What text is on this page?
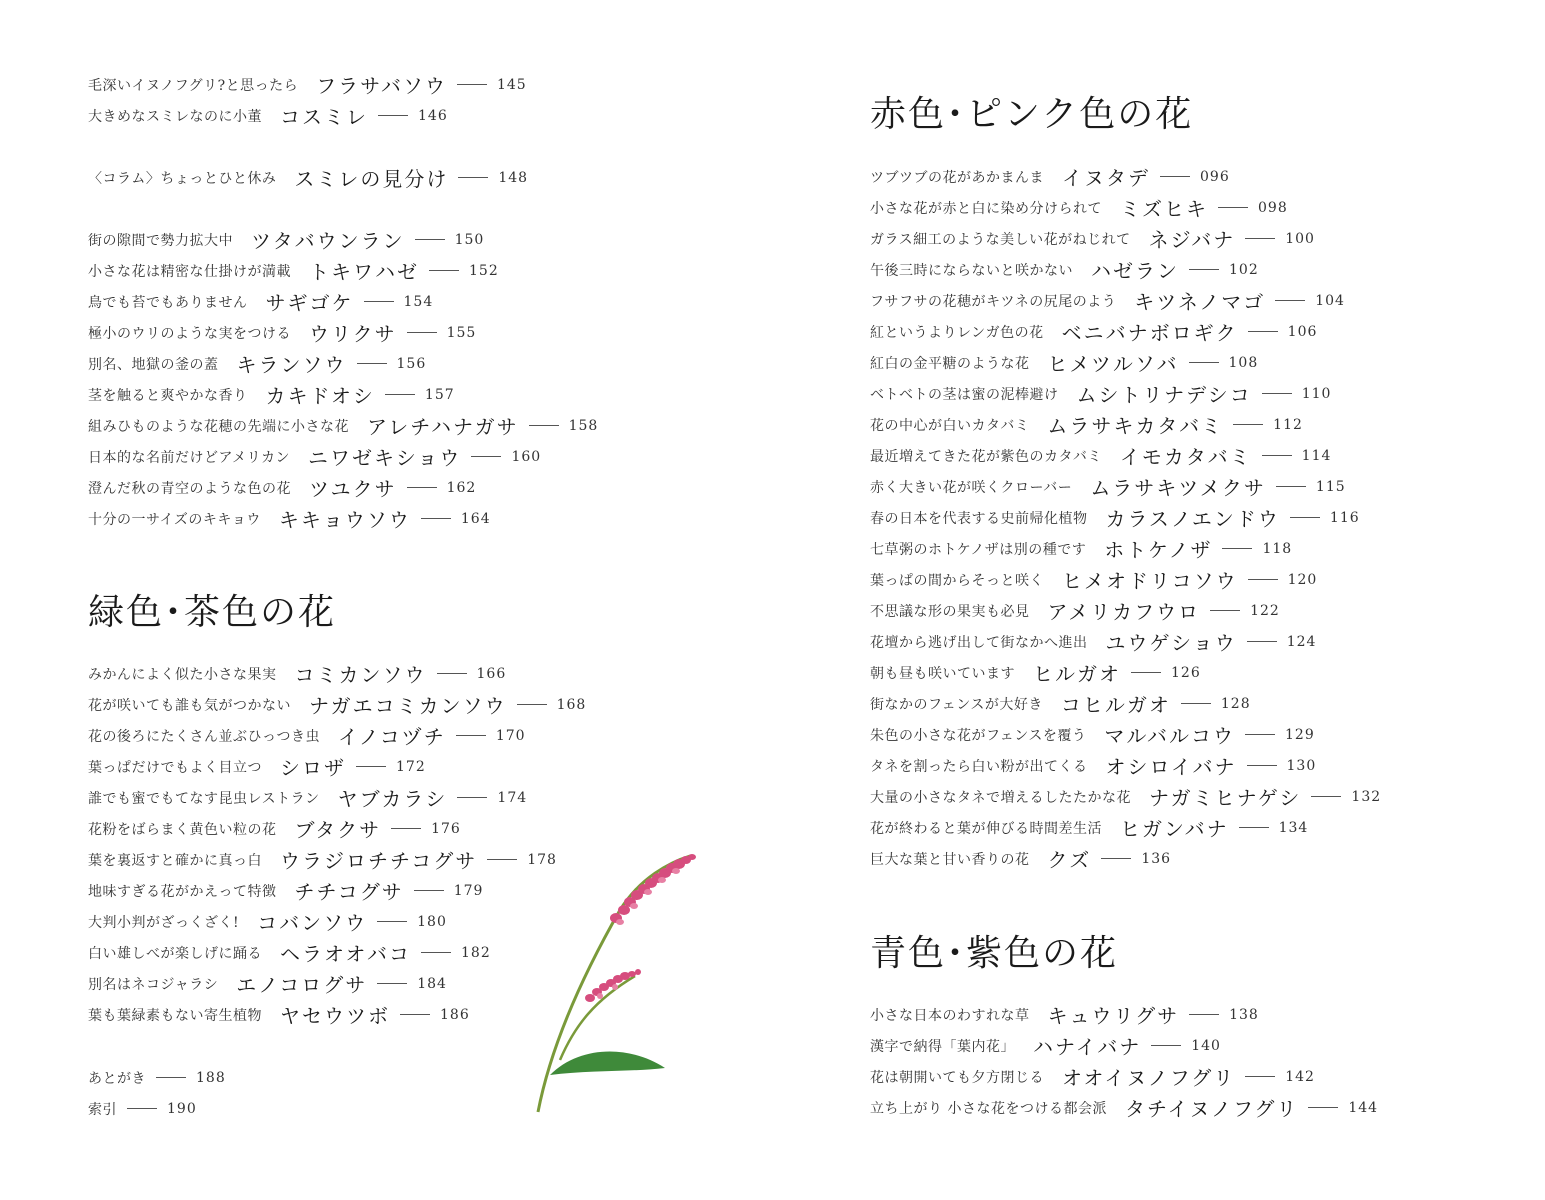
毛深いイヌノフグリ?と思ったら フラサバソウ	145
大きめなスミレなのに小董 コスミレ	146
〈コラム〉ちょっとひと休み スミレの見分け	148
街の隙間で勢力拡大中 ツタバウンラン	150
小さな花は精密な仕掛けが満載 トキワハゼ	152
鳥でも苔でもありません サギゴケ	154
極小のウリのような実をつける ウリクサ	155
別名、地獄の釜の蓋 キランソウ	156
茎を触ると爽やかな香り カキドオシ	157
組みひものような花穂の先端に小さな花 アレチハナガサ	158
日本的な名前だけどアメリカン ニワゼキショウ	160
澄んだ秋の青空のような色の花 ツユクサ	162
十分の一サイズのキキョウ キキョウソウ	164
緑色･茶色の花
みかんによく似た小さな果実 コミカンソウ	166
花が咲いても誰も気がつかない ナガエコミカンソウ	168
花の後ろにたくさん並ぶひっつき虫 イノコヅチ	170
葉っぱだけでもよく目立つ シロザ	172
誰でも蜜でもてなす昆虫レストラン ヤブカラシ	174
花粉をばらまく黄色い粒の花 ブタクサ	176
葉を裏返すと確かに真っ白 ウラジロチチコグサ	178
地味すぎる花がかえって特徴 チチコグサ	179
大判小判がざっくざく! コバンソウ	180
白い雄しべが楽しげに踊る ヘラオオバコ	182
別名はネコジャラシ エノコログサ	184
葉も葉緑素もない寄生植物 ヤセウツボ	186
あとがき	188
索引	190
赤色･ピンク色の花
ツブツブの花があかまんま イヌタデ	096
小さな花が赤と白に染め分けられて ミズヒキ	098
ガラス細工のような美しい花がねじれて ネジバナ	100
午後三時にならないと咲かない ハゼラン	102
フサフサの花穂がキツネの尻尾のよう キツネノマゴ	104
紅というよりレンガ色の花 ベニバナボロギク	106
紅白の金平糖のような花 ヒメツルソバ	108
ベトベトの茎は蜜の泥棒避け ムシトリナデシコ	110
花の中心が白いカタバミ ムラサキカタバミ	112
最近増えてきた花が紫色のカタバミ イモカタバミ	114
赤く大きい花が咲くクローバー ムラサキツメクサ	115
春の日本を代表する史前帰化植物 カラスノエンドウ	116
七草粥のホトケノザは別の種です ホトケノザ	118
葉っぱの間からそっと咲く ヒメオドリコソウ	120
不思議な形の果実も必見 アメリカフウロ	122
花壇から逃げ出して街なかへ進出 ユウゲショウ	124
朝も昼も咲いています ヒルガオ	126
街なかのフェンスが大好き コヒルガオ	128
朱色の小さな花がフェンスを覆う マルバルコウ	129
タネを割ったら白い粉が出てくる オシロイバナ	130
大量の小さなタネで増えるしたたかな花 ナガミヒナゲシ	132
花が終わると葉が伸びる時間差生活 ヒガンバナ	134
巨大な葉と甘い香りの花 クズ	136
青色･紫色の花
小さな日本のわすれな草 キュウリグサ	138
漢字で納得「葉内花」 ハナイバナ	140
花は朝開いても夕方閉じる オオイヌノフグリ	142
立ち上がり 小さな花をつける都会派 タチイヌノフグリ	144
